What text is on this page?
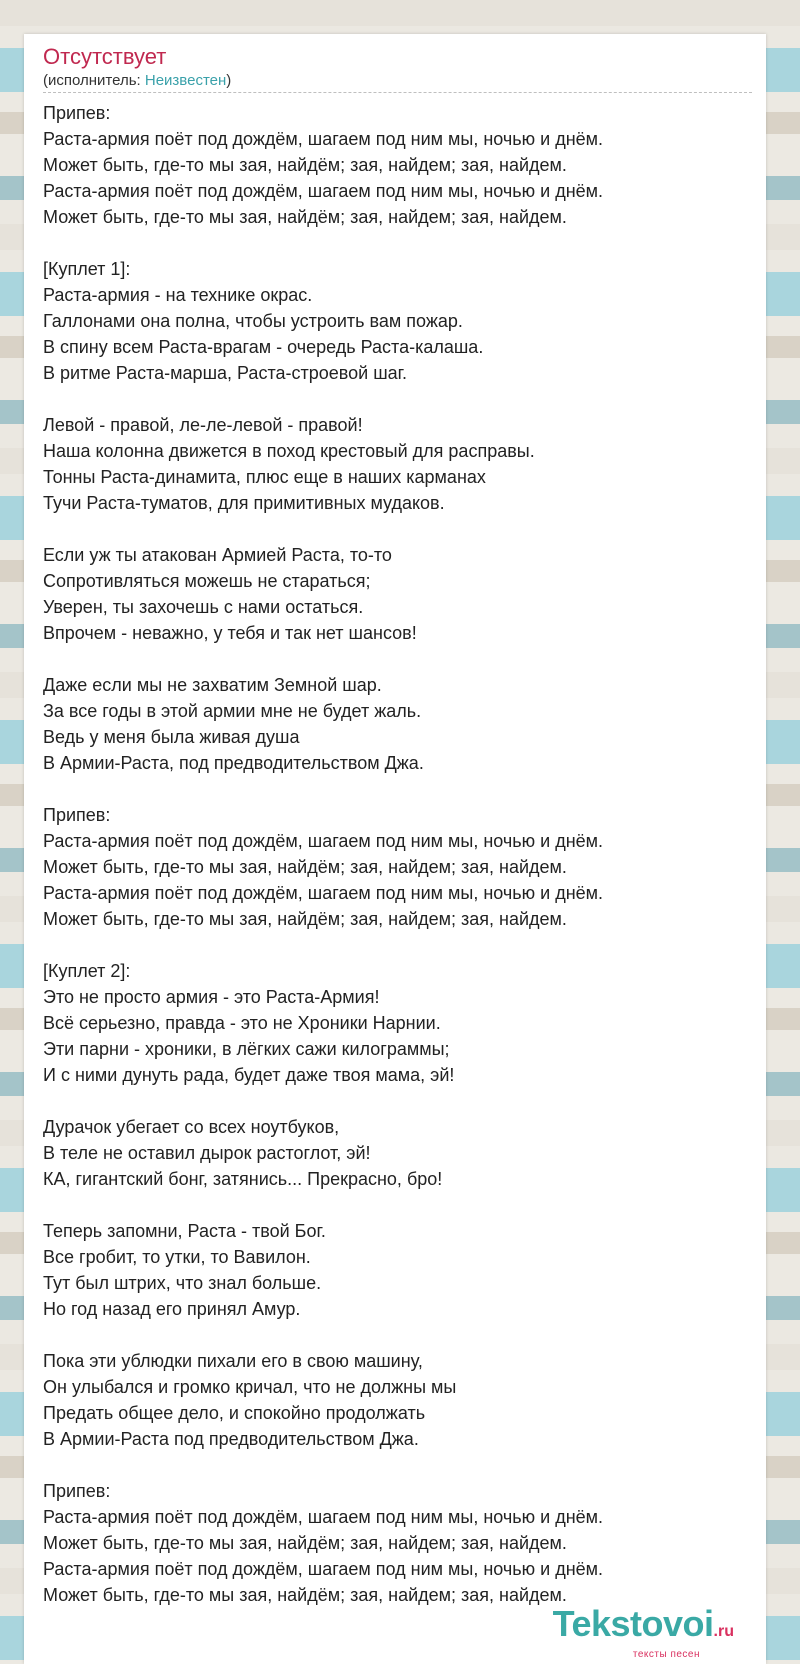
Отсутствует
(исполнитель: Неизвестен)
Припев:
Раста-армия поёт под дождём, шагаем под ним мы, ночью и днём.
Может быть, где-то мы зая, найдём; зая, найдем; зая, найдем.
Раста-армия поёт под дождём, шагаем под ним мы, ночью и днём.
Может быть, где-то мы зая, найдём; зая, найдем; зая, найдем.

[Куплет 1]:
Раста-армия - на технике окрас.
Галлонами она полна, чтобы устроить вам пожар.
В спину всем Раста-врагам - очередь Раста-калаша.
В ритме Раста-марша, Раста-строевой шаг.

Левой - правой, ле-ле-левой - правой!
Наша колонна движется в поход крестовый для расправы.
Тонны Раста-динамита, плюс еще в наших карманах
Тучи Раста-туматов, для примитивных мудаков.

Если уж ты атакован Армией Раста, то-то
Сопротивляться можешь не стараться;
Уверен, ты захочешь с нами остаться.
Впрочем - неважно, у тебя и так нет шансов!

Даже если мы не захватим Земной шар.
За все годы в этой армии мне не будет жаль.
Ведь у меня была живая душа
В Армии-Раста, под предводительством Джа.

Припев:
Раста-армия поёт под дождём, шагаем под ним мы, ночью и днём.
Может быть, где-то мы зая, найдём; зая, найдем; зая, найдем.
Раста-армия поёт под дождём, шагаем под ним мы, ночью и днём.
Может быть, где-то мы зая, найдём; зая, найдем; зая, найдем.

[Куплет 2]:
Это не просто армия - это Раста-Армия!
Всё серьезно, правда - это не Хроники Нарнии.
Эти парни - хроники, в лёгких сажи килограммы;
И с ними дунуть рада, будет даже твоя мама, эй!

Дурачок убегает со всех ноутбуков,
В теле не оставил дырок растоглот, эй!
КА, гигантский бонг, затянись... Прекрасно, бро!

Теперь запомни, Раста - твой Бог.
Все гробит, то утки, то Вавилон.
Тут был штрих, что знал больше.
Но год назад его принял Амур.

Пока эти ублюдки пихали его в свою машину,
Он улыбался и громко кричал, что не должны мы
Предать общее дело, и спокойно продолжать
В Армии-Раста под предводительством Джа.

Припев:
Раста-армия поёт под дождём, шагаем под ним мы, ночью и днём.
Может быть, где-то мы зая, найдём; зая, найдем; зая, найдем.
Раста-армия поёт под дождём, шагаем под ним мы, ночью и днём.
Может быть, где-то мы зая, найдём; зая, найдем; зая, найдем.
Tekstovoi.ru
тексты песен
